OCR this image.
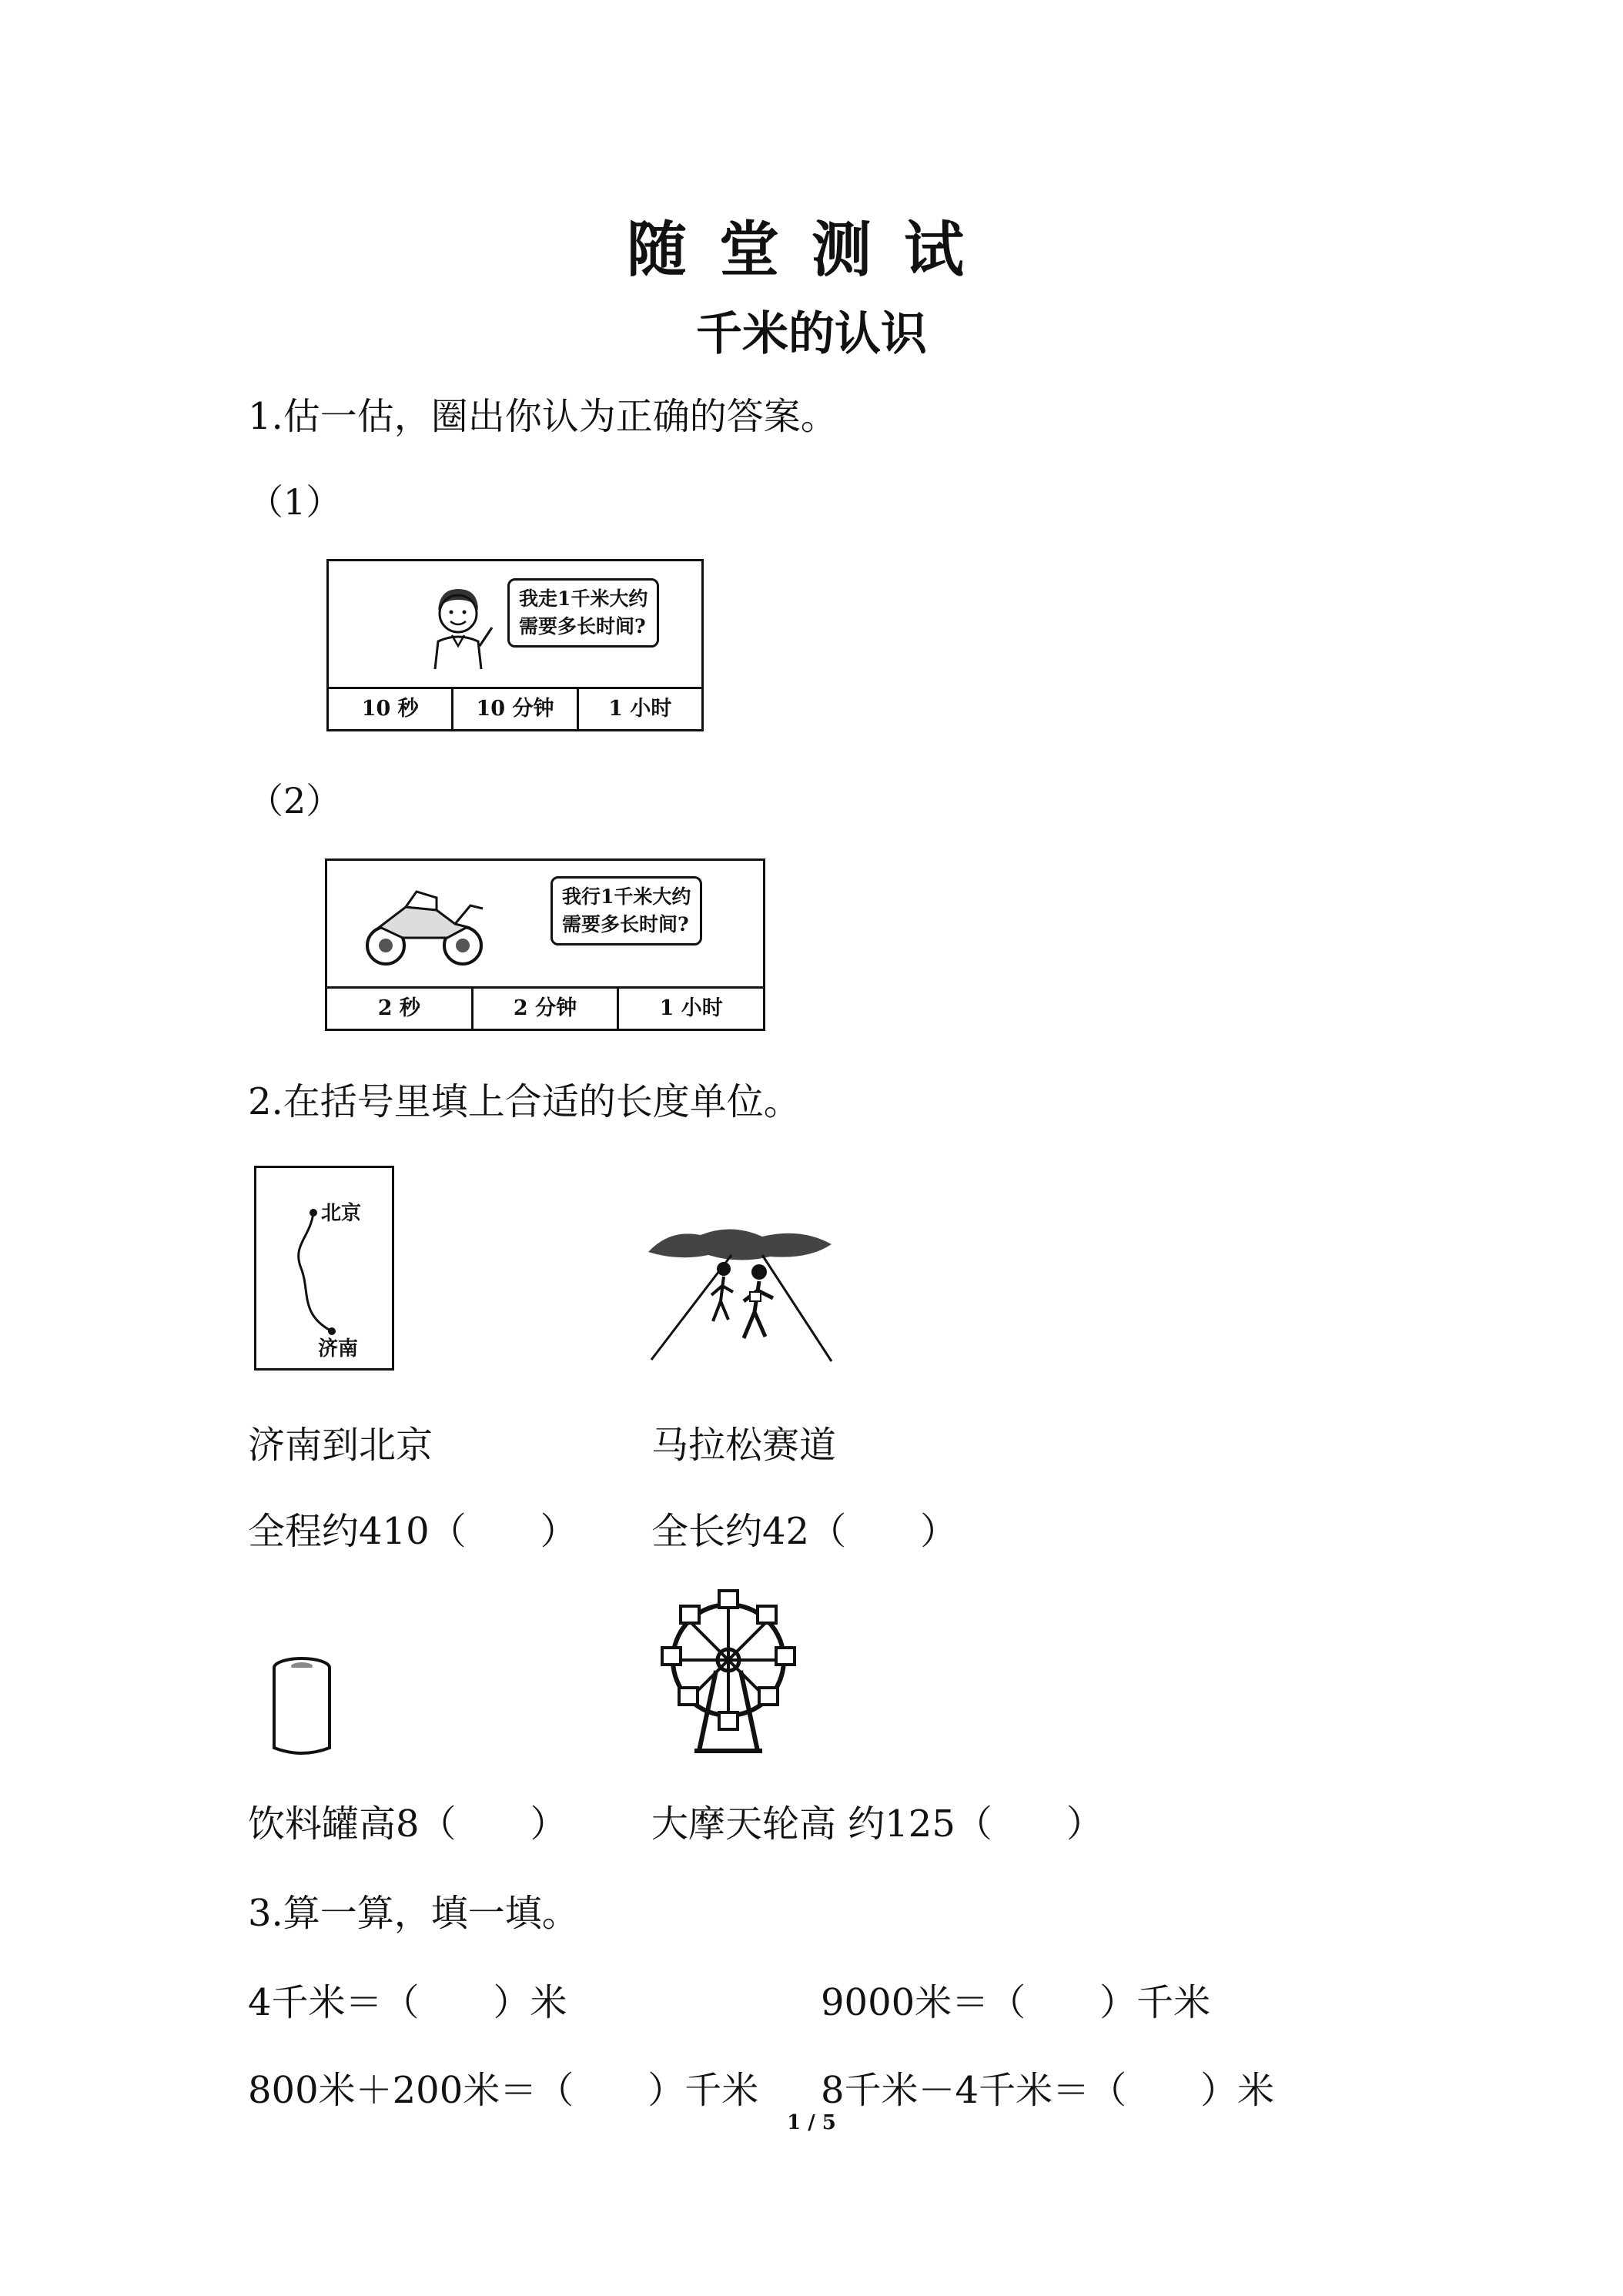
随堂测试
千米的认识
1.估一估，圈出你认为正确的答案。
（1）
我走1千米大约
需要多长时间?
10 秒	10 分钟	1 小时
（2）
我行1千米大约
需要多长时间?
2 秒	2 分钟	1 小时
2.在括号里填上合适的长度单位。
北京
济南
济南到北京
全程约410（　　）
马拉松赛道
全长约42（　　）
饮料罐高8（　　） 大摩天轮高 约125（　　）
3.算一算，填一填。
4千米＝（　　）米	9000米＝（　　）千米
800米＋200米＝（　　）千米 8千米－4千米＝（　　）米
1 / 5
